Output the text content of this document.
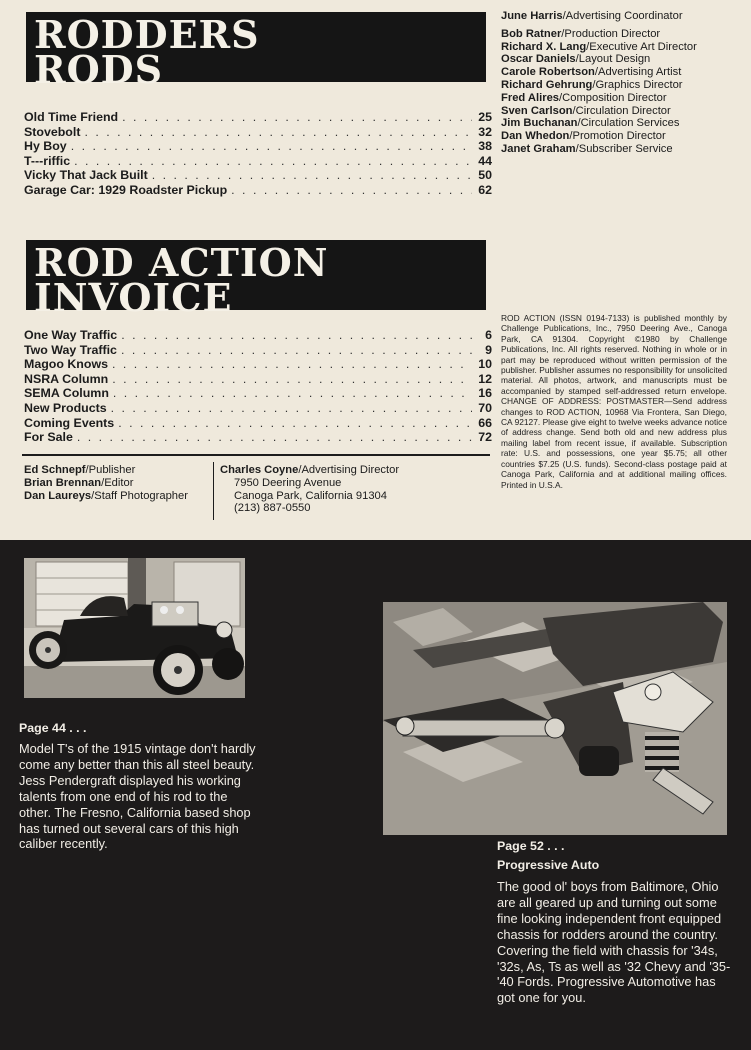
RODDERS
RODS
Old Time Friend . . .	25
Stovebolt . . .	32
Hy Boy . . .	38
T---riffic . . .	44
Vicky That Jack Built . . .	50
Garage Car: 1929 Roadster Pickup . . .	62
June Harris/Advertising Coordinator
Bob Ratner/Production Director
Richard X. Lang/Executive Art Director
Oscar Daniels/Layout Design
Carole Robertson/Advertising Artist
Richard Gehrung/Graphics Director
Fred Alires/Composition Director
Sven Carlson/Circulation Director
Jim Buchanan/Circulation Services
Dan Whedon/Promotion Director
Janet Graham/Subscriber Service
ROD ACTION
INVOICE
One Way Traffic . . .	6
Two Way Traffic . . .	9
Magoo Knows . . .	10
NSRA Column . . .	12
SEMA Column . . .	16
New Products . . .	70
Coming Events . . .	66
For Sale . . .	72

ROD ACTION (ISSN 0194-7133) is published monthly by Challenge Publications, Inc., 7950 Deering Ave., Canoga Park, CA 91304. Copyright ©1980 by Challenge Publications, Inc. All rights reserved. Nothing in whole or in part may be reproduced without written permission of the publisher. Publisher assumes no responsibility for unsolicited material. All photos, artwork, and manuscripts must be accompanied by stamped self-addressed return envelope. CHANGE OF ADDRESS: POSTMASTER—Send address changes to ROD ACTION, 10968 Via Frontera, San Diego, CA 92127. Please give eight to twelve weeks advance notice of address change. Send both old and new address plus mailing label from recent issue, if available. Subscription rate: U.S. and possessions, one year $5.75; all other countries $7.25 (U.S. funds). Second-class postage paid at Canoga Park, California and at additional mailing offices. Printed in U.S.A.

Ed Schnepf/Publisher
Brian Brennan/Editor
Dan Laureys/Staff Photographer
Charles Coyne/Advertising Director
7950 Deering Avenue
Canoga Park, California 91304
(213) 887-0550
Page 44 . . .
Model T's of the 1915 vintage don't hardly come any better than this all steel beauty. Jess Pendergraft displayed his working talents from one end of his rod to the other. The Fresno, California based shop has turned out several cars of this high caliber recently.	Page 52 . . .
Progressive Auto
The good ol' boys from Baltimore, Ohio are all geared up and turning out some fine looking independent front equipped chassis for rodders around the country. Covering the field with chassis for '34s, '32s, As, Ts as well as '32 Chevy and '35-'40 Fords. Progressive Automotive has got one for you.
